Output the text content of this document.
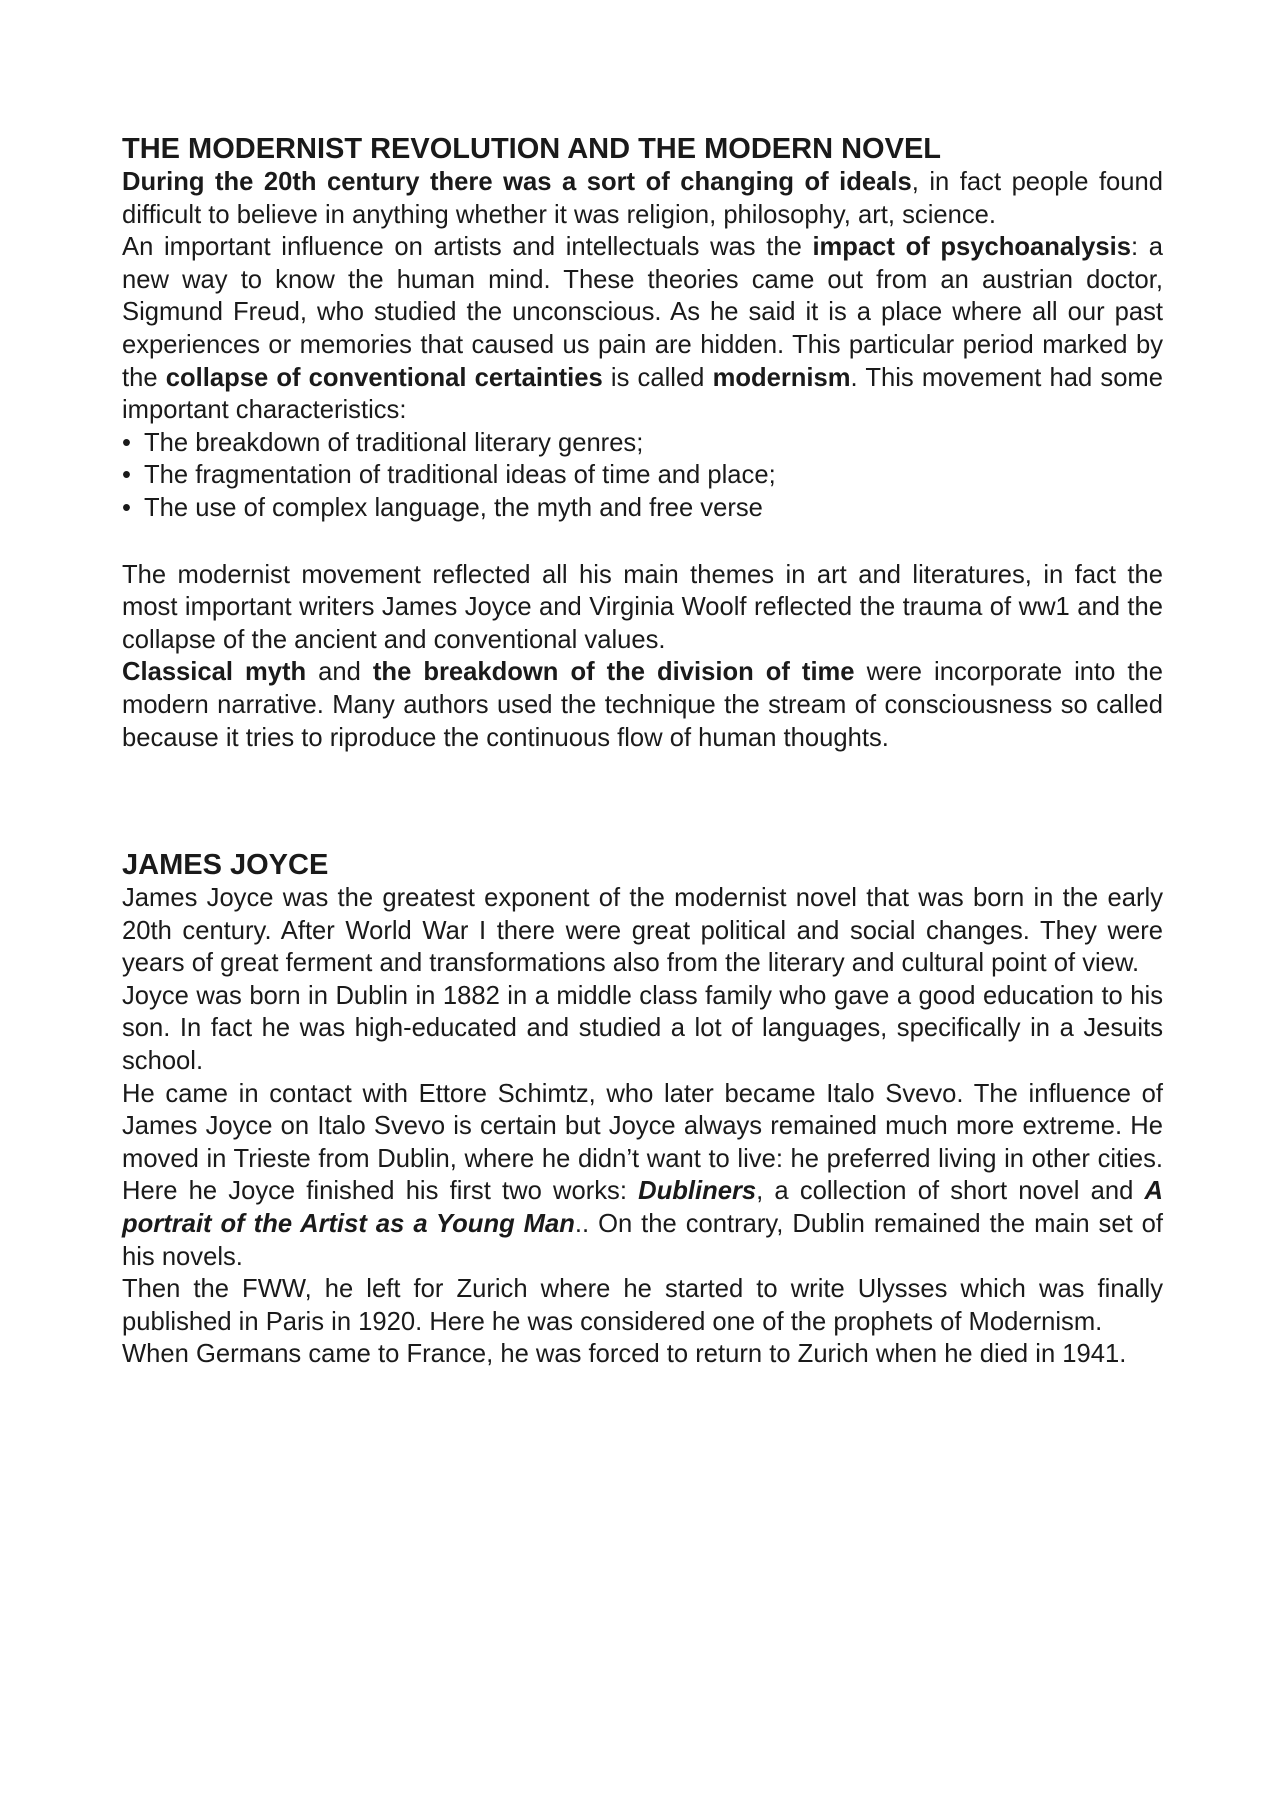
THE MODERNIST REVOLUTION AND THE MODERN NOVEL

During the 20th century there was a sort of changing of ideals, in fact people found difficult to believe in anything whether it was religion, philosophy, art, science.

An important influence on artists and intellectuals was the impact of psychoanalysis: a new way to know the human mind. These theories came out from an austrian doctor, Sigmund Freud, who studied the unconscious. As he said it is a place where all our past experiences or memories that caused us pain are hidden. This particular period marked by the collapse of conventional certainties is called modernism. This movement had some important characteristics:

• The breakdown of traditional literary genres;
• The fragmentation of traditional ideas of time and place;
• The use of complex language, the myth and free verse

The modernist movement reflected all his main themes in art and literatures, in fact the most important writers James Joyce and Virginia Woolf reflected the trauma of ww1 and the collapse of the ancient and conventional values.

Classical myth and the breakdown of the division of time were incorporate into the modern narrative. Many authors used the technique the stream of consciousness so called because it tries to riproduce the continuous flow of human thoughts.

JAMES JOYCE

James Joyce was the greatest exponent of the modernist novel that was born in the early 20th century. After World War I there were great political and social changes. They were years of great ferment and transformations also from the literary and cultural point of view.

Joyce was born in Dublin in 1882 in a middle class family who gave a good education to his son. In fact he was high-educated and studied a lot of languages, specifically in a Jesuits school.

He came in contact with Ettore Schimtz, who later became Italo Svevo. The influence of James Joyce on Italo Svevo is certain but Joyce always remained much more extreme. He moved in Trieste from Dublin, where he didn’t want to live: he preferred living in other cities. Here he Joyce finished his first two works: Dubliners, a collection of short novel and A portrait of the Artist as a Young Man.. On the contrary, Dublin remained the main set of his novels.

Then the FWW, he left for Zurich where he started to write Ulysses which was finally published in Paris in 1920. Here he was considered one of the prophets of Modernism.

When Germans came to France, he was forced to return to Zurich when he died in 1941.
